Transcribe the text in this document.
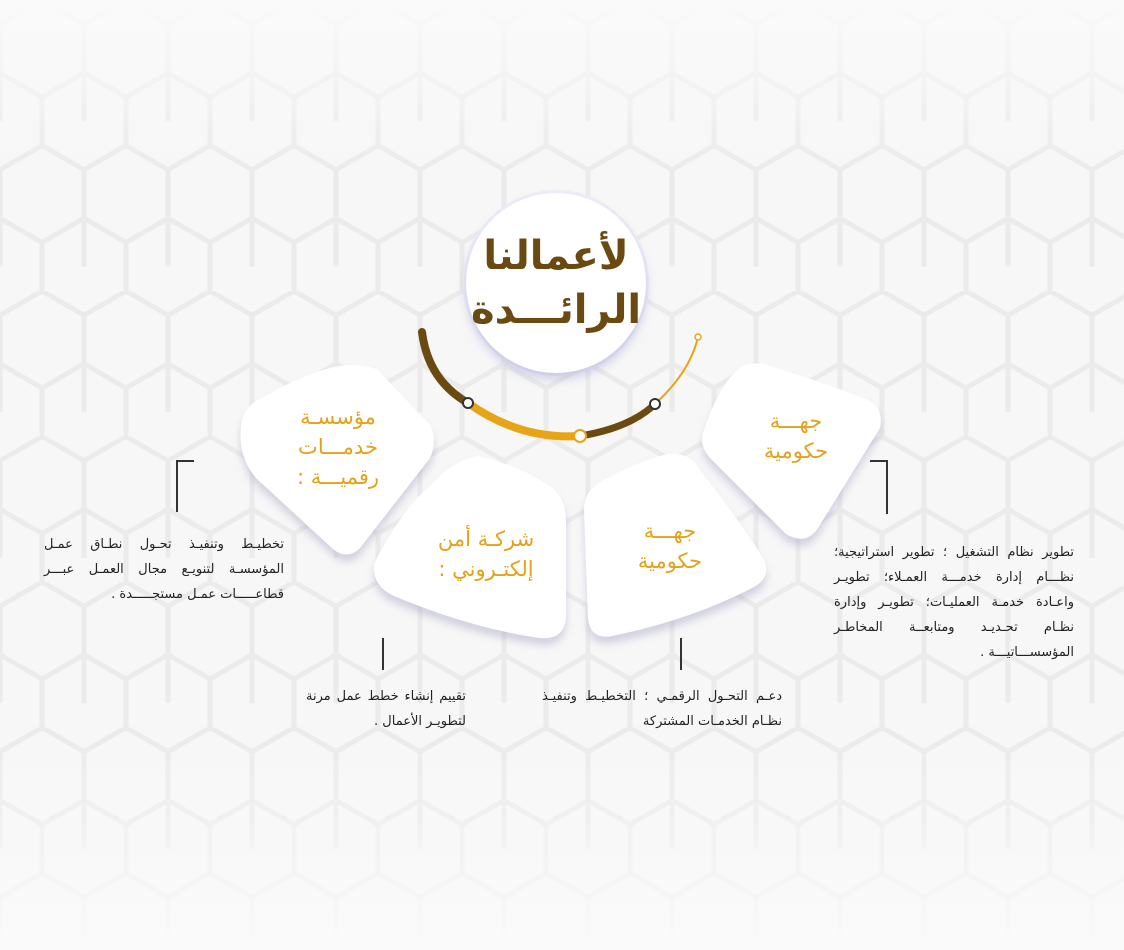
لأعمالنا
الرائـــدة
مؤسسـة
خدمـــات
رقميـــة :
شركـة أمن
إلكتـروني :
جهـــة
حكومية
جهـــة
حكومية
تخطيـط وتنفيـذ تحـول نطـاق عمـل المؤسسـة لتنويـع مجال العمـل عبـــر قطاعـــــات عمـل مستجـــــدة .
تقييم إنشاء خطط عمل مرنة لتطويـر الأعمال .
دعـم التحـول الرقمـي ؛ التخطيـط وتنفيـذ نظـام الخدمـات المشتركة
تطوير نظام التشغيل ؛ تطوير استراتيجية؛ نظـــام إدارة خدمـــة العمـلاء؛ تطويـر واعـادة خدمـة العمليـات؛ تطويـر وإدارة نظـام تحـديـد ومتابعــة المخاطـر المؤسســـاتيـــة .
